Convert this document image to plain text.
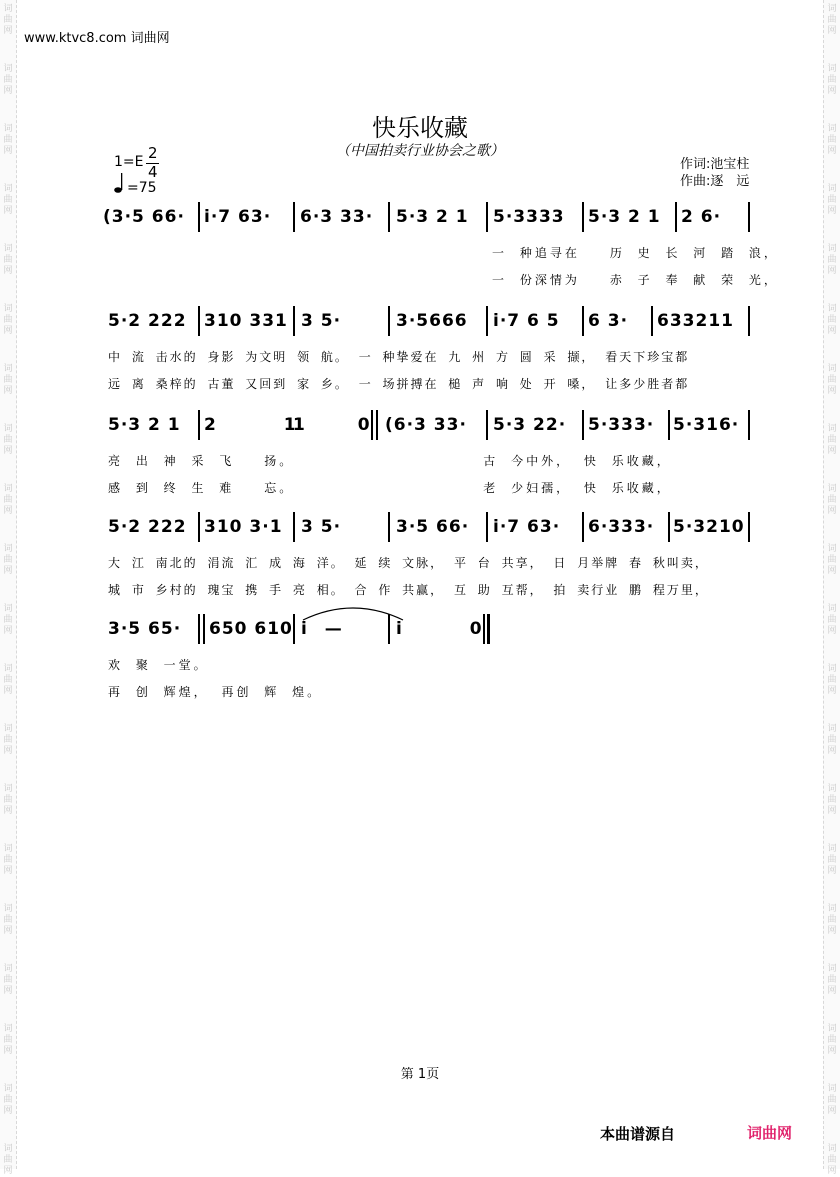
词
曲
网
词
曲
网
词
曲
网
词
曲
网
词
曲
网
词
曲
网
词
曲
网
词
曲
网
词
曲
网
词
曲
网
词
曲
网
词
曲
网
词
曲
网
词
曲
网
词
曲
网
词
曲
网
词
曲
网
词
曲
网
词
曲
网
词
曲
网
词
曲
网
词
曲
网
词
曲
网
词
曲
网
词
曲
网
词
曲
网
词
曲
网
词
曲
网
词
曲
网
词
曲
网
词
曲
网
词
曲
网
词
曲
网
词
曲
网
词
曲
网
词
曲
网
词
曲
网
词
曲
网
词
曲
网
词
曲
网
www.ktvc8.com 词曲网
快乐收藏
（中国拍卖行业协会之歌）
1=E 2
4
=75
作词:池宝柱
作曲:逐　远
(3·5 66· i·7 63· 6·3 33· 5·3 2 1 5·3333 5·3 2 1 2 6·
一 种追寻在　　历 史 长 河 踏 浪，
一 份深情为　　赤 子 奉 献 荣 光，
5·2 222 310 331 3 5·	3·5666 i·7 6 5 6 3· 633211
中 流 击水的 身影 为文明 领 航。 一 种挚爱在 九 州 方 圆 采 撷， 看天下珍宝都
远 离 桑梓的 古董 又回到 家 乡。 一 场拼搏在 槌 声 响 处 开 嗓， 让多少胜者都
5·3 2 1 2 1
1 0 (6·3 33· 5·3 22· 5·333· 5·316·
亮 出 神 采 飞　　扬。　　　　　　　　　　　　　古 今中外， 快 乐收藏，
感 到 终 生 难　　忘。　　　　　　　　　　　　　老 少妇孺， 快 乐收藏，
5·2 222 310 3·1 3 5·	3·5 66· i·7 63· 6·333· 5·3210
大 江 南北的 涓流 汇 成 海 洋。 延 续 文脉， 平 台 共享， 日 月举牌 春 秋叫卖，
城 市 乡村的 瑰宝 携 手 亮 相。 合 作 共赢， 互 助 互帮， 拍 卖行业 鹏 程万里，
3·5 65· 650 610 i —	i 0
欢 聚 一堂。
再 创 辉煌， 再创 辉 煌。
第 1页
本曲谱源自	词曲网
